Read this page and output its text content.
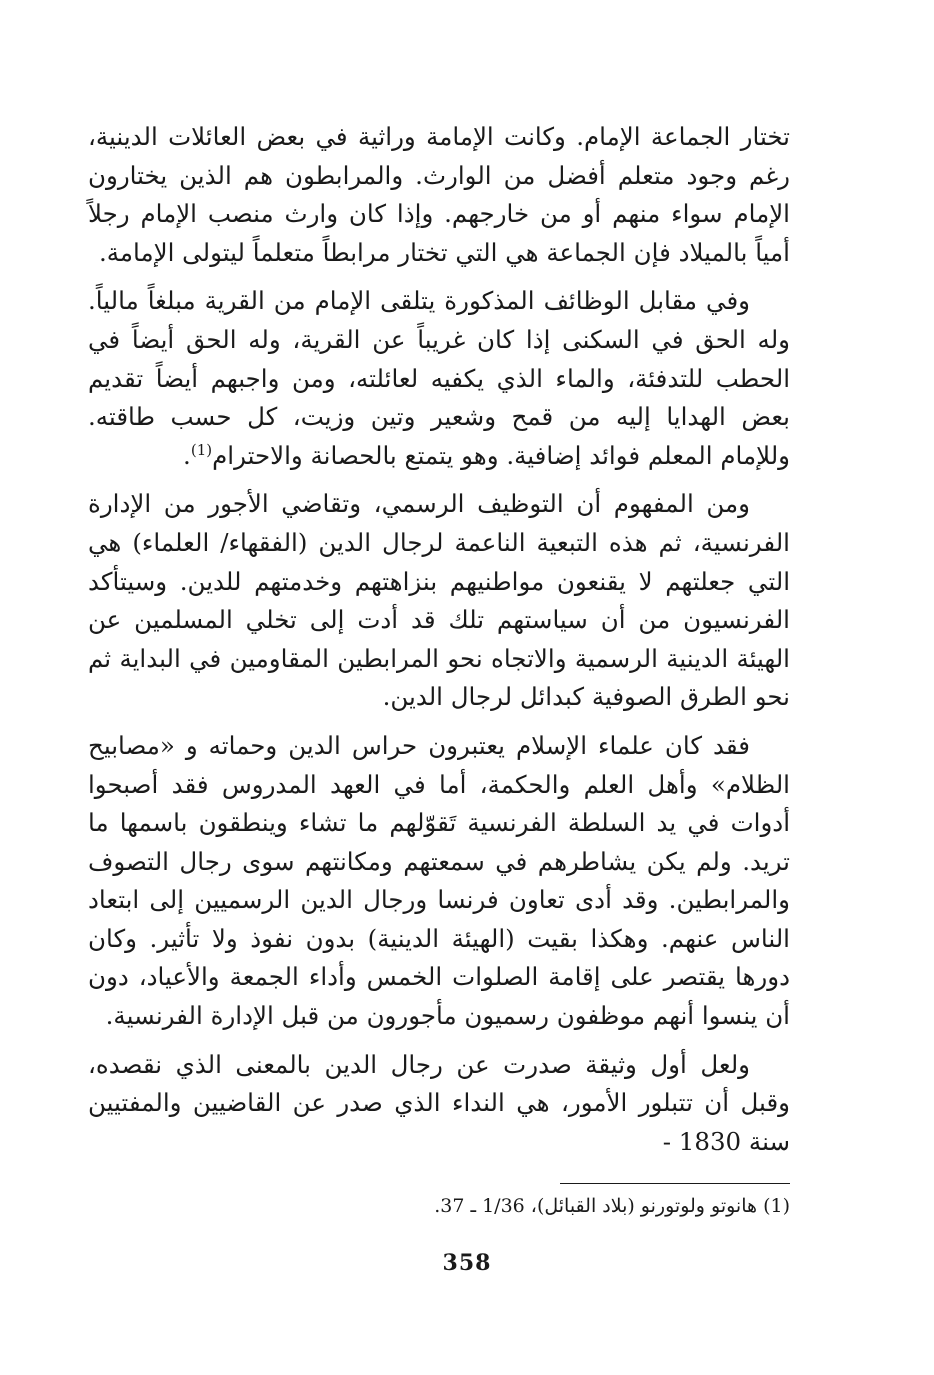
تختار الجماعة الإمام. وكانت الإمامة وراثية في بعض العائلات الدينية، رغم وجود متعلم أفضل من الوارث. والمرابطون هم الذين يختارون الإمام سواء منهم أو من خارجهم. وإذا كان وارث منصب الإمام رجلاً أمياً بالميلاد فإن الجماعة هي التي تختار مرابطاً متعلماً ليتولى الإمامة.

وفي مقابل الوظائف المذكورة يتلقى الإمام من القرية مبلغاً مالياً. وله الحق في السكنى إذا كان غريباً عن القرية، وله الحق أيضاً في الحطب للتدفئة، والماء الذي يكفيه لعائلته، ومن واجبهم أيضاً تقديم بعض الهدايا إليه من قمح وشعير وتين وزيت، كل حسب طاقته. وللإمام المعلم فوائد إضافية. وهو يتمتع بالحصانة والاحترام$^{(1)}$.

ومن المفهوم أن التوظيف الرسمي، وتقاضي الأجور من الإدارة الفرنسية، ثم هذه التبعية الناعمة لرجال الدين (الفقهاء/ العلماء) هي التي جعلتهم لا يقنعون مواطنيهم بنزاهتهم وخدمتهم للدين. وسيتأكد الفرنسيون من أن سياستهم تلك قد أدت إلى تخلي المسلمين عن الهيئة الدينية الرسمية والاتجاه نحو المرابطين المقاومين في البداية ثم نحو الطرق الصوفية كبدائل لرجال الدين.

فقد كان علماء الإسلام يعتبرون حراس الدين وحماته و «مصابيح الظلام» وأهل العلم والحكمة، أما في العهد المدروس فقد أصبحوا أدوات في يد السلطة الفرنسية تَقوّلهم ما تشاء وينطقون باسمها ما تريد. ولم يكن يشاطرهم في سمعتهم ومكانتهم سوى رجال التصوف والمرابطين. وقد أدى تعاون فرنسا ورجال الدين الرسميين إلى ابتعاد الناس عنهم. وهكذا بقيت (الهيئة الدينية) بدون نفوذ ولا تأثير. وكان دورها يقتصر على إقامة الصلوات الخمس وأداء الجمعة والأعياد، دون أن ينسوا أنهم موظفون رسميون مأجورون من قبل الإدارة الفرنسية.

ولعل أول وثيقة صدرت عن رجال الدين بالمعنى الذي نقصده، وقبل أن تتبلور الأمور، هي النداء الذي صدر عن القاضيين والمفتيين سنة 1830 -

(1) هانوتو ولوتورنو (بلاد القبائل)، 1/36 ـ 37.
358
